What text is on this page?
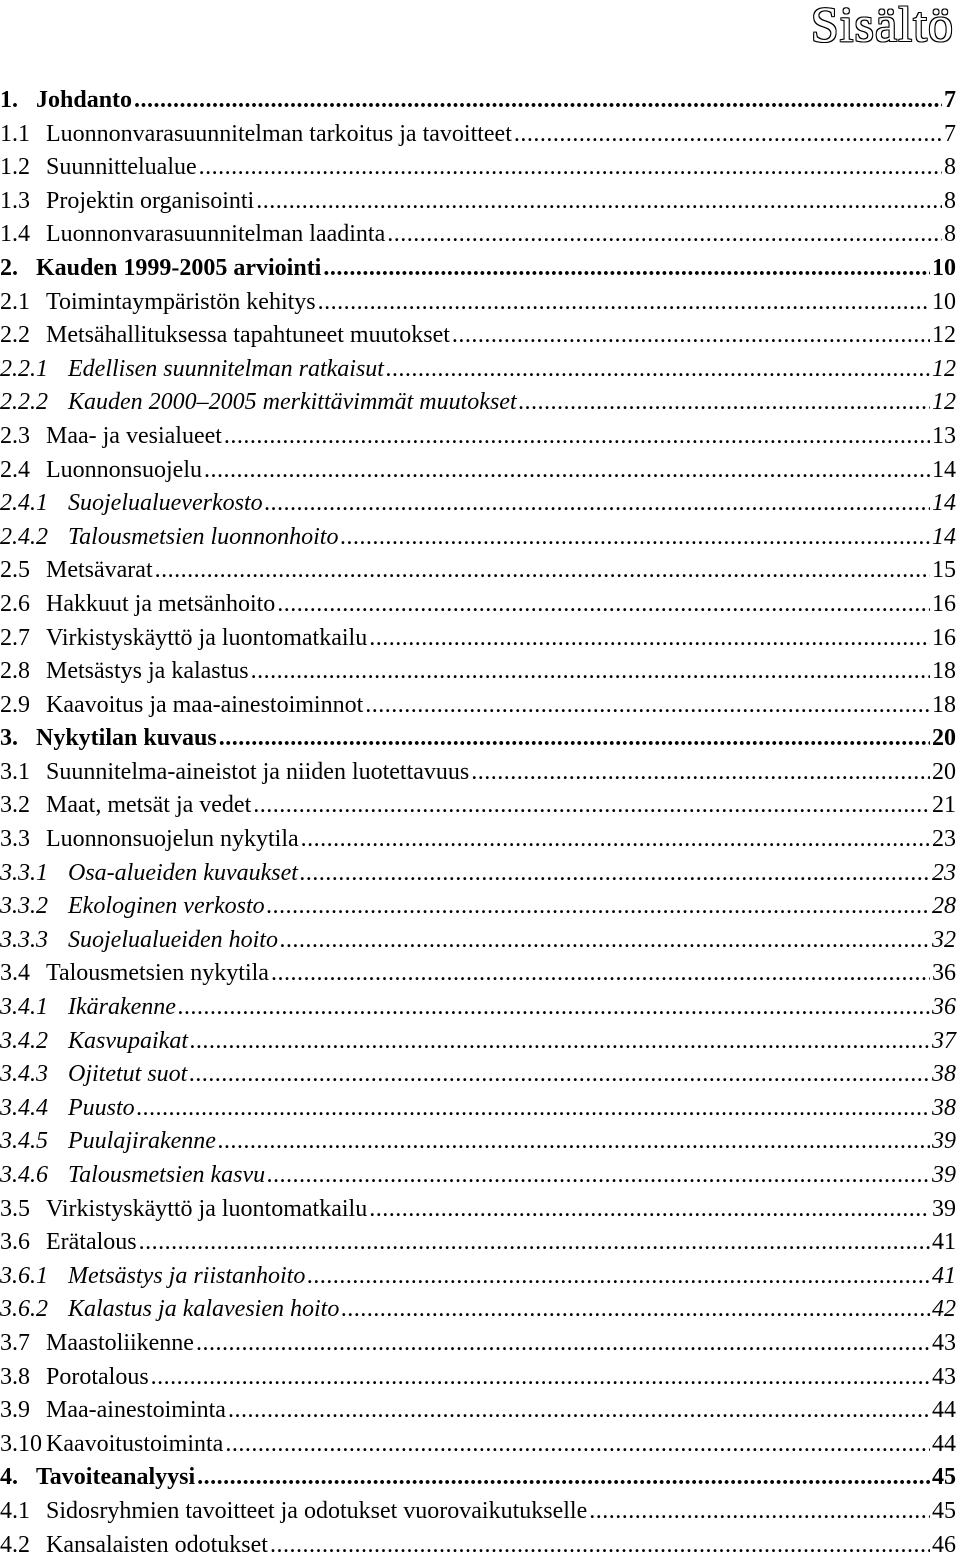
Sisältö
1. Johdanto .....	7
1.1 Luonnonvarasuunnitelman tarkoitus ja tavoitteet .....	7
1.2 Suunnittelualue .....	8
1.3 Projektin organisointi .....	8
1.4 Luonnonvarasuunnitelman laadinta .....	8
2. Kauden 1999-2005 arviointi .....	10
2.1 Toimintaympäristön kehitys .....	10
2.2 Metsähallituksessa tapahtuneet muutokset .....	12
2.2.1 Edellisen suunnitelman ratkaisut .....	12
2.2.2 Kauden 2000–2005 merkittävimmät muutokset .....	12
2.3 Maa- ja vesialueet .....	13
2.4 Luonnonsuojelu .....	14
2.4.1 Suojelualueverkosto .....	14
2.4.2 Talousmetsien luonnonhoito .....	14
2.5 Metsävarat .....	15
2.6 Hakkuut ja metsänhoito .....	16
2.7 Virkistyskäyttö ja luontomatkailu .....	16
2.8 Metsästys ja kalastus .....	18
2.9 Kaavoitus ja maa-ainestoiminnot .....	18
3. Nykytilan kuvaus .....	20
3.1 Suunnitelma-aineistot ja niiden luotettavuus .....	20
3.2 Maat, metsät ja vedet .....	21
3.3 Luonnonsuojelun nykytila .....	23
3.3.1 Osa-alueiden kuvaukset .....	23
3.3.2 Ekologinen verkosto .....	28
3.3.3 Suojelualueiden hoito .....	32
3.4 Talousmetsien nykytila .....	36
3.4.1 Ikärakenne .....	36
3.4.2 Kasvupaikat .....	37
3.4.3 Ojitetut suot .....	38
3.4.4 Puusto .....	38
3.4.5 Puulajirakenne .....	39
3.4.6 Talousmetsien kasvu .....	39
3.5 Virkistyskäyttö ja luontomatkailu .....	39
3.6 Erätalous .....	41
3.6.1 Metsästys ja riistanhoito .....	41
3.6.2 Kalastus ja kalavesien hoito .....	42
3.7 Maastoliikenne .....	43
3.8 Porotalous .....	43
3.9 Maa-ainestoiminta .....	44
3.10 Kaavoitustoiminta .....	44
4. Tavoiteanalyysi .....	45
4.1 Sidosryhmien tavoitteet ja odotukset vuorovaikutukselle .....	45
4.2 Kansalaisten odotukset .....	46
